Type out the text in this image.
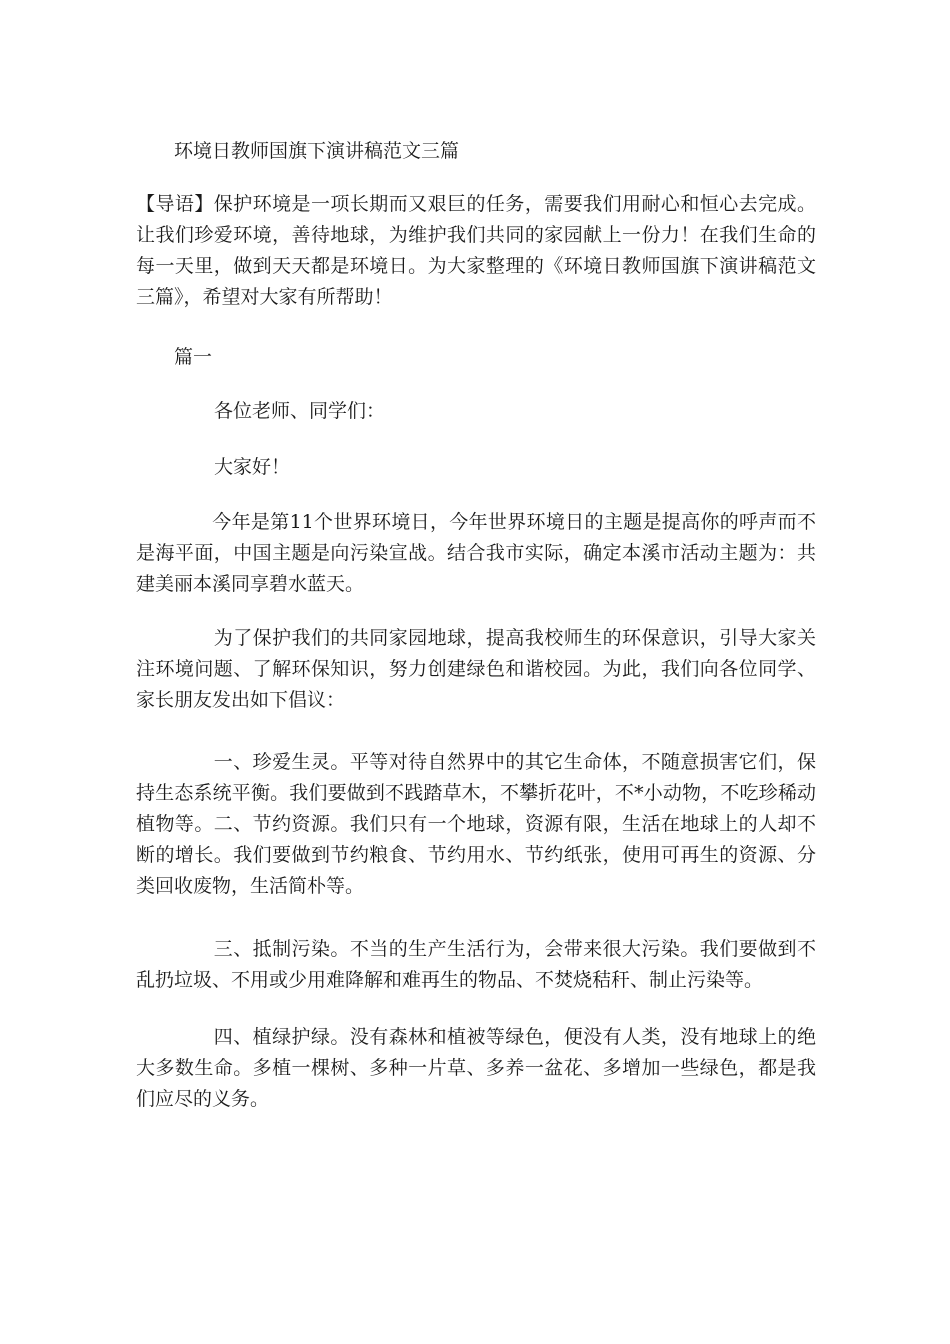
环境日教师国旗下演讲稿范文三篇

【导语】保护环境是一项长期而又艰巨的任务，需要我们用耐心和恒心去完成。让我们珍爱环境，善待地球，为维护我们共同的家园献上一份力！在我们生命的每一天里，做到天天都是环境日。为大家整理的《环境日教师国旗下演讲稿范文三篇》，希望对大家有所帮助！

篇一

各位老师、同学们：

大家好！

今年是第11个世界环境日，今年世界环境日的主题是提高你的呼声而不是海平面，中国主题是向污染宣战。结合我市实际，确定本溪市活动主题为：共建美丽本溪同享碧水蓝天。

为了保护我们的共同家园地球，提高我校师生的环保意识，引导大家关注环境问题、了解环保知识，努力创建绿色和谐校园。为此，我们向各位同学、家长朋友发出如下倡议：

一、珍爱生灵。平等对待自然界中的其它生命体，不随意损害它们，保持生态系统平衡。我们要做到不践踏草木，不攀折花叶，不*小动物，不吃珍稀动植物等。二、节约资源。我们只有一个地球，资源有限，生活在地球上的人却不断的增长。我们要做到节约粮食、节约用水、节约纸张，使用可再生的资源、分类回收废物，生活简朴等。

三、抵制污染。不当的生产生活行为，会带来很大污染。我们要做到不乱扔垃圾、不用或少用难降解和难再生的物品、不焚烧秸秆、制止污染等。

四、植绿护绿。没有森林和植被等绿色，便没有人类，没有地球上的绝大多数生命。多植一棵树、多种一片草、多养一盆花、多增加一些绿色，都是我们应尽的义务。
